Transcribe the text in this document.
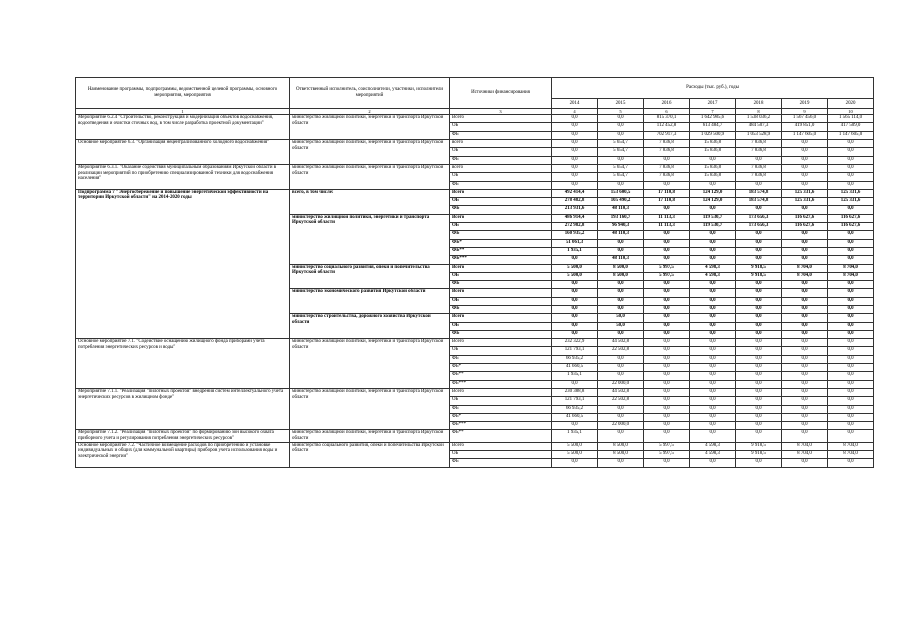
Наименование программы, подпрограммы, ведомственной целевой программы, основного мероприятия, мероприятия	Ответственный исполнитель, соисполнители, участники, исполнители мероприятий	Источники финансирования	Расходы (тыс. руб.), годы						
			2014	2015	2016	2017	2018	2019	2020
1	2	3	4	5	6	7	8	9	10
Мероприятие 6.2.4 "Строительство, реконструкция и модернизация объектов водоснабжения, водоотведения и очистки сточных вод, в том числе разработка проектной документации"	министерство жилищной политики, энергетики и транспорта Иркутской области	Всего	0,0	0,0	815 370,1	1 642 985,6	1 538 036,2	1 567 456,0	1 565 114,0
		ОБ	0,0	0,0	112 452,8	613 484,7	484 507,3	419 851,0	417 509,0
		ФБ	0,0	0,0	702 917,3	1 029 500,9	1 053 528,9	1 147 605,0	1 147 605,0
Основное мероприятие 6.3. "Организация нецентрализованного холодного водоснабжения"	министерство жилищной политики, энергетики и транспорта Иркутской области	всего	0,0	5 654,7	7 836,8	15 836,8	7 836,8	0,0	0,0
		ОБ	0,0	5 654,7	7 836,8	15 836,8	7 836,8	0,0	0,0
		ФБ	0,0	0,0	0,0	0,0	0,0	0,0	0,0
Мероприятие 6.3.1. "Оказание содействия муниципальным образованиям Иркутской области в реализации мероприятий по приобретению специализированной техники для водоснабжения населения"	министерство жилищной политики, энергетики и транспорта Иркутской области	всего	0,0	5 654,7	7 836,8	15 836,8	7 836,8	0,0	0,0
		ОБ	0,0	5 654,7	7 836,8	15 836,8	7 836,8	0,0	0,0
		ФБ	0,0	0,0	0,0	0,0	0,0	0,0	0,0
Подпрограмма 7 "Энергосбережение и повышение энергетической эффективности на территории Иркутской области" на 2014-2020 годы	всего, в том числе:	Всего	492 414,4	153 600,5	17 110,8	124 129,0	183 574,8	125 331,6	125 331,6
		ОБ	278 482,8	105 490,2	17 110,8	124 129,0	183 574,8	125 331,6	125 331,6
		ФБ	213 931,6	48 110,3	0,0	0,0	0,0	0,0	0,0
	министерство жилищной политики, энергетики и транспорта Иркутской области	Всего	486 914,4	193 160,7	11 113,3	119 530,7	173 656,3	116 627,6	116 627,6
		ОБ	272 982,8	96 940,3	11 113,3	119 530,7	173 656,3	116 627,6	116 627,6
		ФБ	160 935,2	48 110,3	0,0	0,0	0,0	0,0	0,0
		ФБ*	51 061,3	0,0	0,0	0,0	0,0	0,0	0,0
		ФБ**	1 935,1	0,0	0,0	0,0	0,0	0,0	0,0
		ФБ***	0,0	48 110,3	0,0	0,0	0,0	0,0	0,0
	министерство социального развития, опеки и попечительства Иркутской области	Всего	5 500,0	8 500,0	5 997,5	4 598,3	9 918,5	8 704,0	8 704,0
		ОБ	5 500,0	8 500,0	5 997,5	4 598,3	9 918,5	8 704,0	8 704,0
		ФБ	0,0	0,0	0,0	0,0	0,0	0,0	0,0
	министерство экономического развития Иркутской области	Всего	0,0	0,0	0,0	0,0	0,0	0,0	0,0
		ОБ	0,0	0,0	0,0	0,0	0,0	0,0	0,0
		ФБ	0,0	0,0	0,0	0,0	0,0	0,0	0,0
	министерство строительства, дорожного хозяйства Иркутской области	Всего	0,0	50,0	0,0	0,0	0,0	0,0	0,0
		ОБ	0,0	50,0	0,0	0,0	0,0	0,0	0,0
		ФБ	0,0	0,0	0,0	0,0	0,0	0,0	0,0
Основное мероприятие 7.1. "Содействие оснащению жилищного фонда приборами учета потребления энергетических ресурсов и воды"	министерство жилищной политики, энергетики и транспорта Иркутской области	Всего	232 322,9	44 502,8	0,0	0,0	0,0	0,0	0,0
		ОБ	121 793,1	22 502,8	0,0	0,0	0,0	0,0	0,0
		ФБ	66 935,2	0,0	0,0	0,0	0,0	0,0	0,0
		ФБ*	41 660,5	0,0	0,0	0,0	0,0	0,0	0,0
		ФБ**	1 935,1	0,0	0,0	0,0	0,0	0,0	0,0
		ФБ***	0,0	22 000,0	0,0	0,0	0,0	0,0	0,0
Мероприятие 7.1.1. "Реализация "пилотных проектов" внедрения систем интеллектуального учета энергетических ресурсов в жилищном фонде"	министерство жилищной политики, энергетики и транспорта Иркутской области	Всего	230 388,8	44 502,8	0,0	0,0	0,0	0,0	0,0
		ОБ	121 793,1	22 502,8	0,0	0,0	0,0	0,0	0,0
		ФБ	66 935,2	0,0	0,0	0,0	0,0	0,0	0,0
		ФБ*	41 660,5	0,0	0,0	0,0	0,0	0,0	0,0
		ФБ***	0,0	22 000,0	0,0	0,0	0,0	0,0	0,0
Мероприятие 7.1.2. "Реализация "пилотных проектов" по формированию зон высокого охвата приборного учета и регулирования потребления энергетических ресурсов"	министерство жилищной политики, энергетики и транспорта Иркутской области	ФБ**	1 935,1	0,0	0,0	0,0	0,0	0,0	0,0
Основное мероприятие 7.2. "Частичное возмещение расходов по приобретению и установке индивидуальных и общих (для коммунальной квартиры) приборов учета использования воды и электрической энергии"	министерство социального развития, опеки и попечительства Иркутской области	Всего	5 500,0	8 500,0	5 997,5	4 598,3	9 918,5	8 704,0	8 704,0
		ОБ	5 500,0	8 500,0	5 997,5	4 598,3	9 918,5	8 704,0	8 704,0
		ФБ	0,0	0,0	0,0	0,0	0,0	0,0	0,0
